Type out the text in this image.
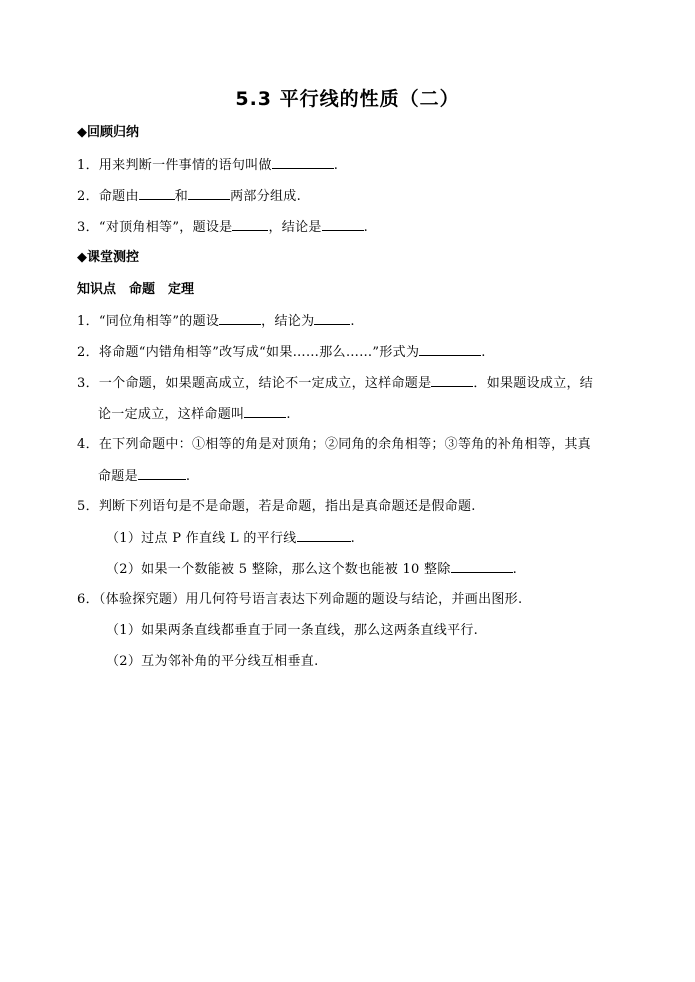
5.3 平行线的性质（二）
◆回顾归纳
1．用来判断一件事情的语句叫做	.
2．命题由	和	两部分组成.
3．“对顶角相等”，题设是	，结论是	.
◆课堂测控
知识点　命题　定理
1．“同位角相等”的题设	，结论为	.
2．将命题“内错角相等”改写成“如果……那么……”形式为	.
3．一个命题，如果题高成立，结论不一定成立，这样命题是	．如果题设成立，结
论一定成立，这样命题叫	.
4．在下列命题中：①相等的角是对顶角；②同角的余角相等；③等角的补角相等，其真
命题是	.
5．判断下列语句是不是命题，若是命题，指出是真命题还是假命题.
（1）过点 P 作直线 L 的平行线	.
（2）如果一个数能被 5 整除，那么这个数也能被 10 整除	.
6．（体验探究题）用几何符号语言表达下列命题的题设与结论，并画出图形.
（1）如果两条直线都垂直于同一条直线，那么这两条直线平行.
（2）互为邻补角的平分线互相垂直.
